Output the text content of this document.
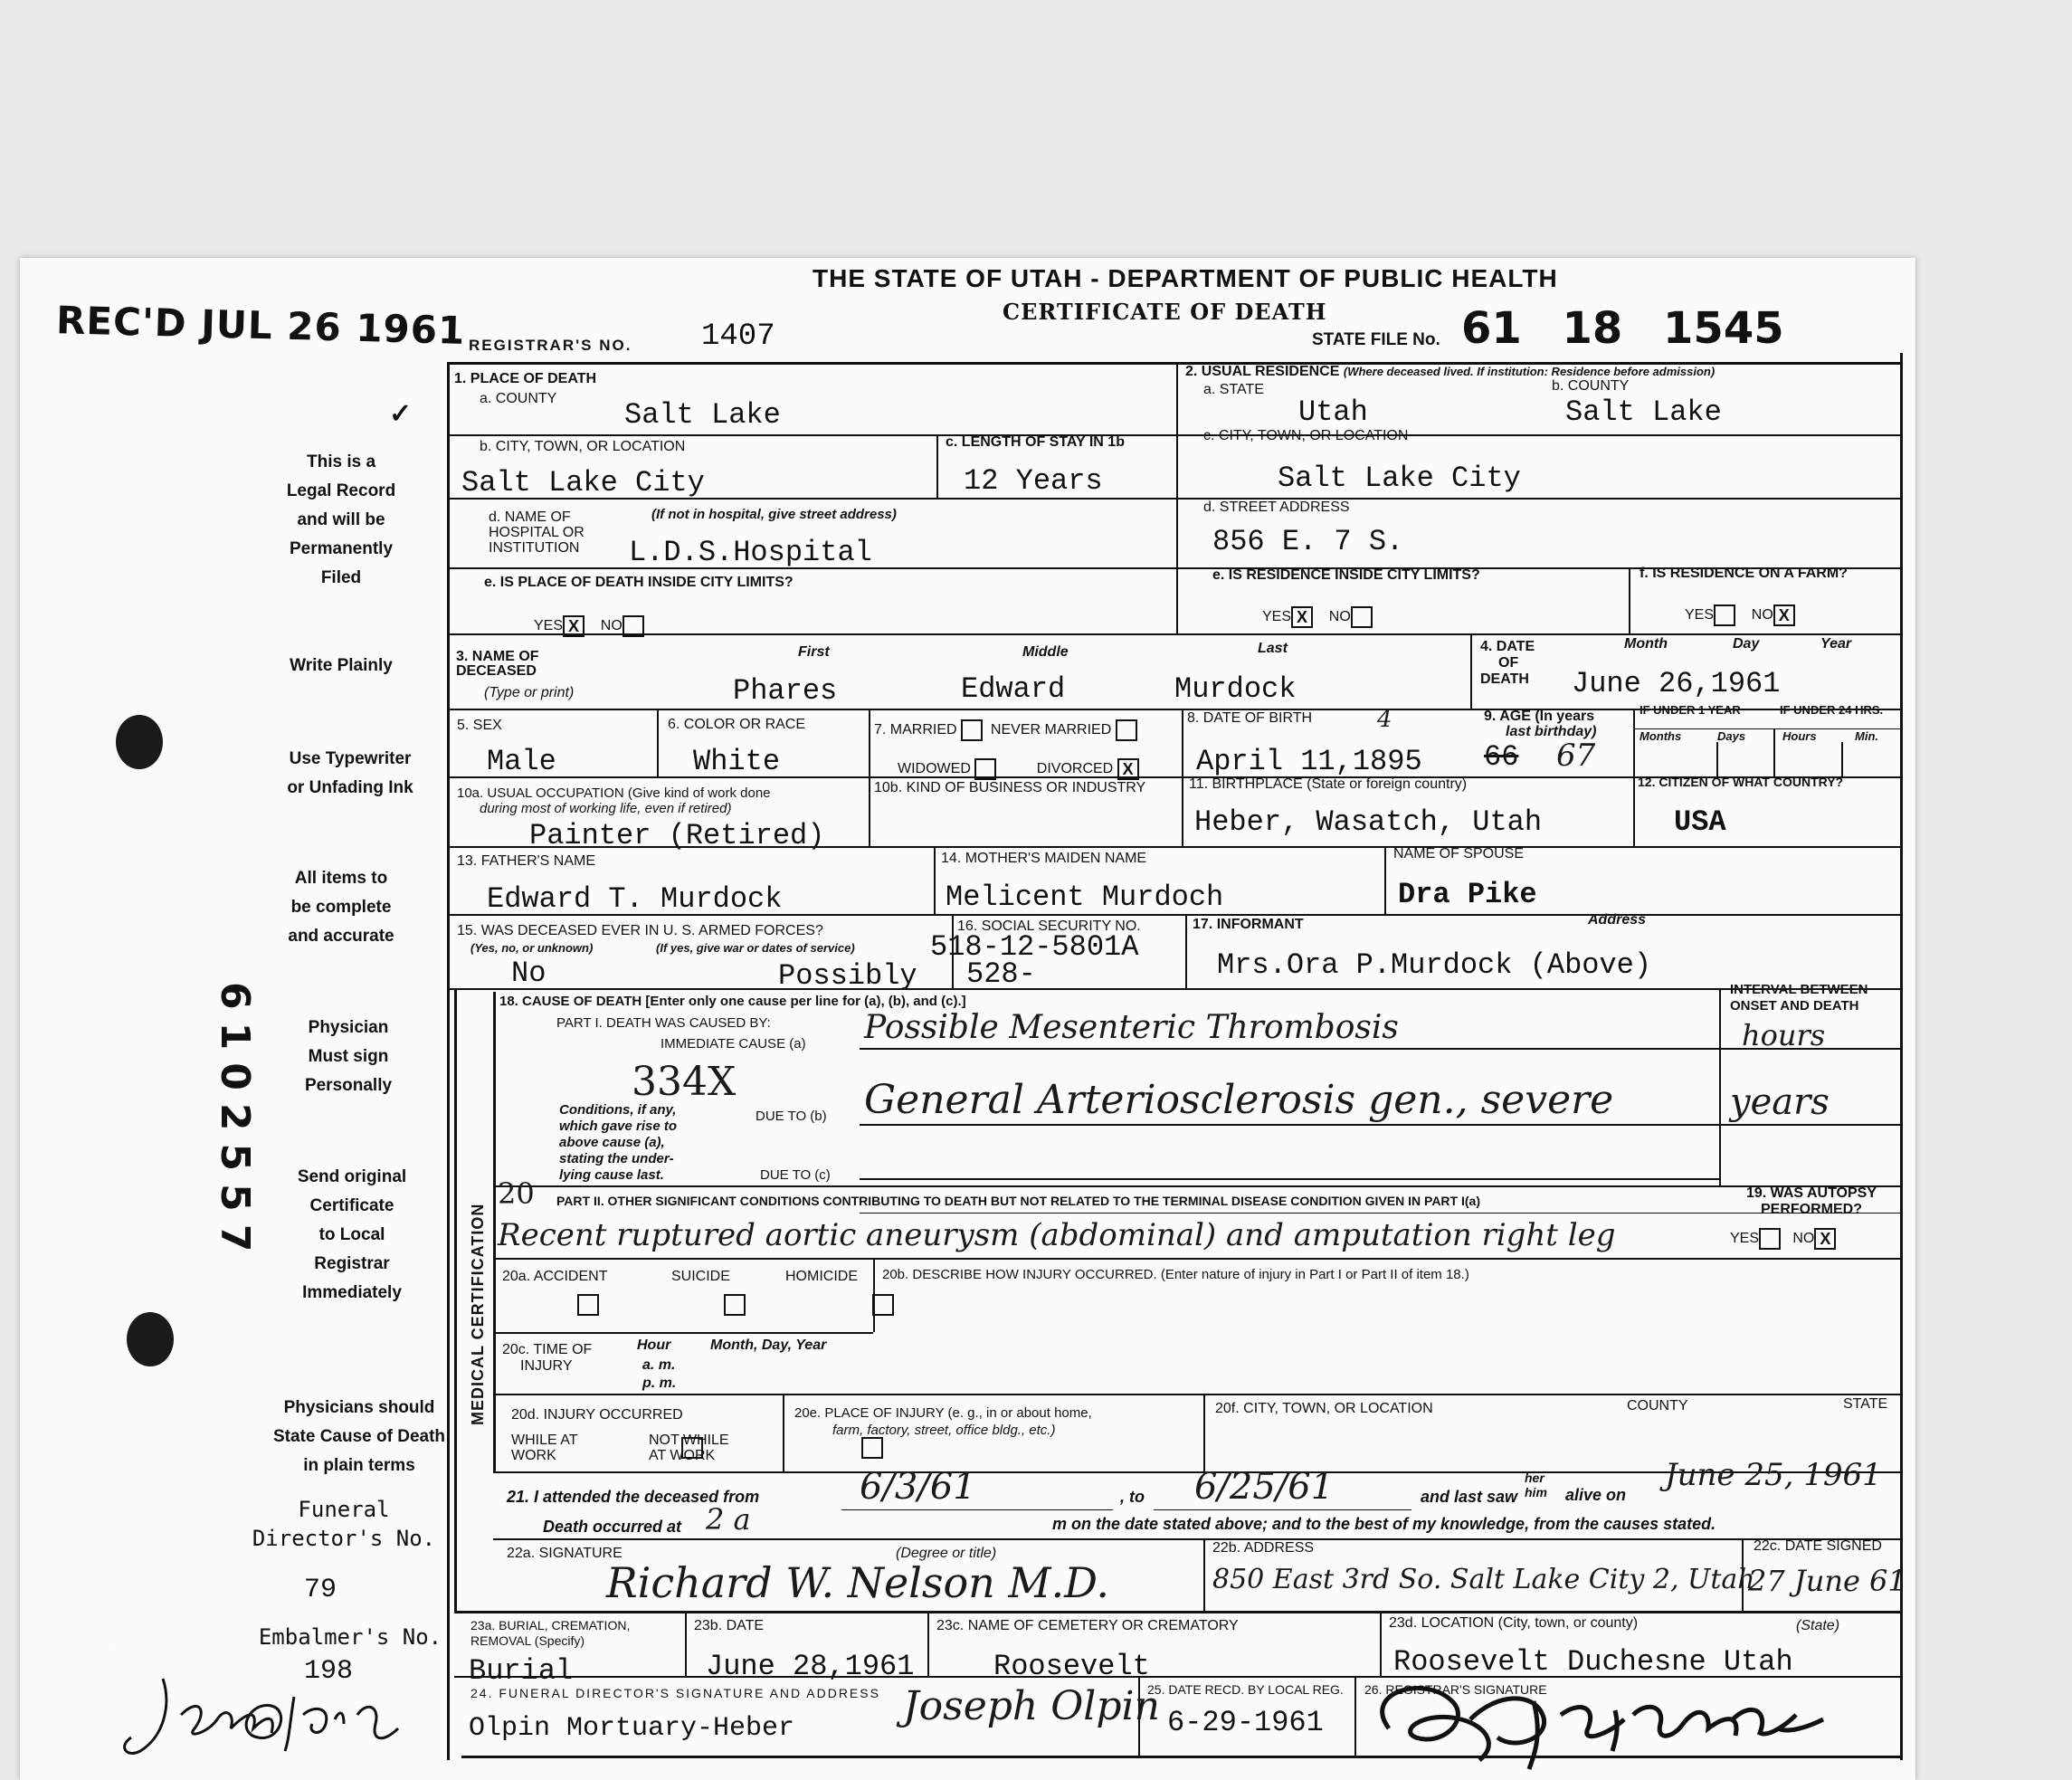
REC'D JUL 26 1961
✓
This is a
Legal Record
and will be
Permanently
Filed
Write Plainly
Use Typewriter
or Unfading Ink
All items to
be complete
and accurate
Physician
Must sign
Personally
Send original
Certificate
to Local
Registrar
Immediately
Physicians should
State Cause of Death
in plain terms
Funeral
Director's No.
79
Embalmer's No.
198
6102557
Joseph Olpin
THE STATE OF UTAH - DEPARTMENT OF PUBLIC HEALTH
CERTIFICATE OF DEATH
REGISTRAR'S NO. 1407	STATE FILE No. 61 18 1545
1. PLACE OF DEATH
a. COUNTY Salt Lake
2. USUAL RESIDENCE (Where deceased lived. If institution: Residence before admission)
a. STATE	b. COUNTY
Utah	Salt Lake
b. CITY, TOWN, OR LOCATION
Salt Lake City
c. LENGTH OF STAY IN 1b
12 Years
c. CITY, TOWN, OR LOCATION
Salt Lake City
d. NAME OF
HOSPITAL OR
INSTITUTION
(If not in hospital, give street address)
L.D.S.Hospital
d. STREET ADDRESS
856 E. 7 S.
e. IS PLACE OF DEATH INSIDE CITY LIMITS?
YES X NO
e. IS RESIDENCE INSIDE CITY LIMITS?
YES X NO
f. IS RESIDENCE ON A FARM?
YES	NO X
3. NAME OF
DECEASED
(Type or print)
First	Middle	Last
Phares	Edward	Murdock
4. DATE
OF
DEATH
Month	Day	Year
June 26,1961
5. SEX
Male
6. COLOR OR RACE
White
7. MARRIED NEVER MARRIED
WIDOWED	DIVORCED X
8. DATE OF BIRTH
April 11,1895
4	9. AGE (In years
last birthday)
66 67
IF UNDER 1 YEAR	IF UNDER 24 HRS.
Months	Days	Hours	Min.
10a. USUAL OCCUPATION (Give kind of work done
during most of working life, even if retired)
Painter (Retired)
10b. KIND OF BUSINESS OR INDUSTRY	11. BIRTHPLACE (State or foreign country)
Heber, Wasatch, Utah
12. CITIZEN OF WHAT COUNTRY?
USA
13. FATHER'S NAME
Edward T. Murdock
14. MOTHER'S MAIDEN NAME
Melicent Murdoch
NAME OF SPOUSE
Dra Pike
15. WAS DECEASED EVER IN U. S. ARMED FORCES?
(Yes, no, or unknown)	(If yes, give war or dates of service)
No	Possibly
16. SOCIAL SECURITY NO.
518-12-5801A
528-
17. INFORMANT	Address
Mrs.Ora P.Murdock (Above)
MEDICAL CERTIFICATION
18. CAUSE OF DEATH [Enter only one cause per line for (a), (b), and (c).]
PART I. DEATH WAS CAUSED BY:
IMMEDIATE CAUSE (a) Possible Mesenteric Thrombosis
334X
Conditions, if any,
which gave rise to
above cause (a),
stating the under-
lying cause last.
DUE TO (b) General Arteriosclerosis gen., severe
DUE TO (c)
20 PART II. OTHER SIGNIFICANT CONDITIONS CONTRIBUTING TO DEATH BUT NOT RELATED TO THE TERMINAL DISEASE CONDITION GIVEN IN PART I(a)
Recent ruptured aortic aneurysm (abdominal) and amputation right leg
INTERVAL BETWEEN
ONSET AND DEATH
hours
years
19. WAS AUTOPSY
PERFORMED?
YES NO X
20a. ACCIDENT	SUICIDE	HOMICIDE
20b. DESCRIBE HOW INJURY OCCURRED. (Enter nature of injury in Part I or Part II of item 18.)
20c. TIME OF
INJURY
Hour
a. m.
p. m.
Month, Day, Year
20d. INJURY OCCURRED
WHILE AT
WORK

NOT WHILE
AT WORK
20e. PLACE OF INJURY (e. g., in or about home,
farm, factory, street, office bldg., etc.)
20f. CITY, TOWN, OR LOCATION	COUNTY	STATE
21. I attended the deceased from	6/3/61	, to 6/25/61	and last saw
her
him alive on
June 25, 1961
Death occurred at 2 a	m on the date stated above; and to the best of my knowledge, from the causes stated.
22a. SIGNATURE	(Degree or title)
Richard W. Nelson M.D.
22b. ADDRESS
850 East 3rd So. Salt Lake City 2, Utah
22c. DATE SIGNED
27 June 61
23a. BURIAL, CREMATION,
REMOVAL (Specify)
Burial
23b. DATE
June 28,1961
23c. NAME OF CEMETERY OR CREMATORY
Roosevelt
23d. LOCATION (City, town, or county)	(State)
Roosevelt Duchesne Utah
24. FUNERAL DIRECTOR'S SIGNATURE AND ADDRESS
Olpin Mortuary-Heber	Joseph Olpin
25. DATE RECD. BY LOCAL REG.
6-29-1961
26. REGISTRAR'S SIGNATURE
